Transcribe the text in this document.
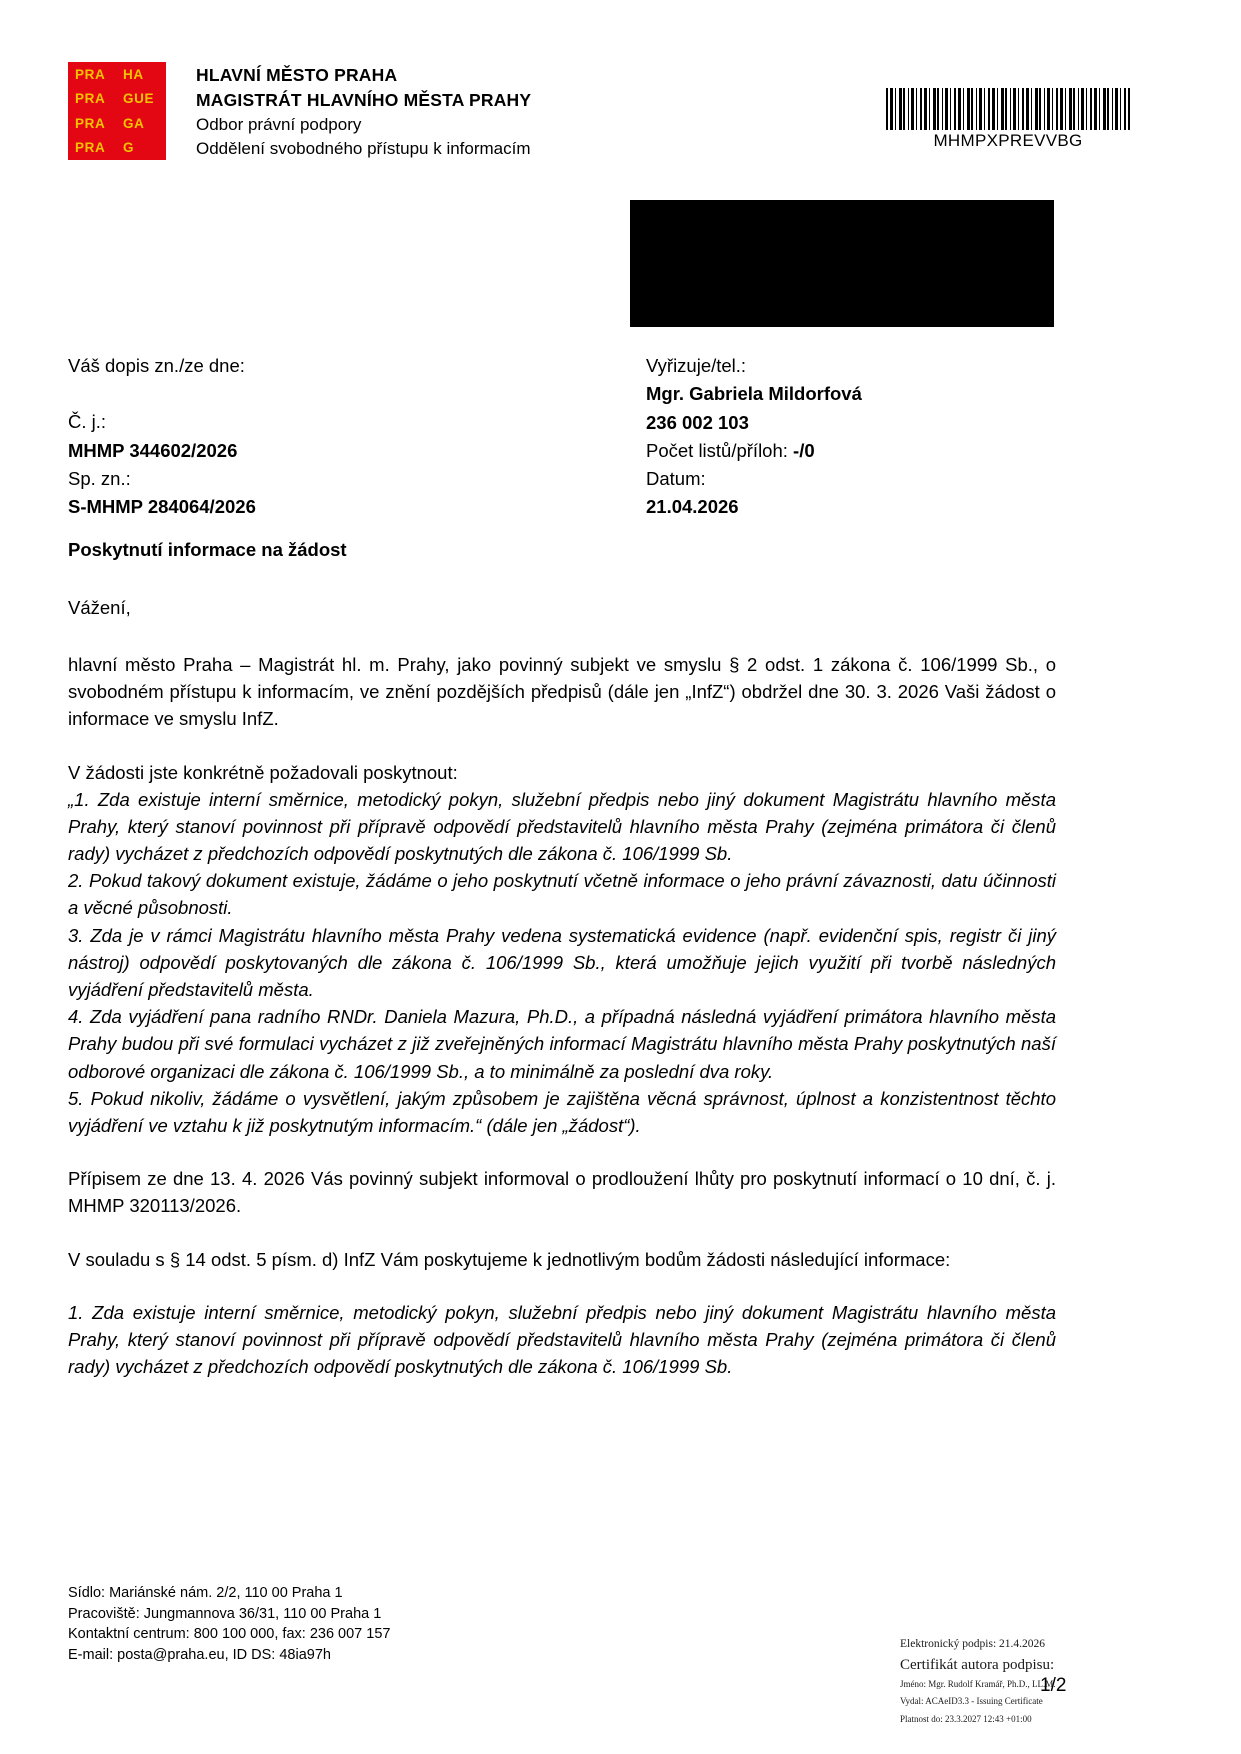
PRA	HA
PRA	GUE
PRA	GA
PRA	G
HLAVNÍ MĚSTO PRAHA
MAGISTRÁT HLAVNÍHO MĚSTA PRAHY
Odbor právní podpory
Oddělení svobodného přístupu k informacím	MHMPXPREVVBG
Váš dopis zn./ze dne:
Č. j.:
MHMP 344602/2026
Sp. zn.:
S-MHMP 284064/2026
Vyřizuje/tel.:
Mgr. Gabriela Mildorfová
236 002 103
Počet listů/příloh: -/0
Datum:
21.04.2026
Poskytnutí informace na žádost

Vážení,

hlavní město Praha – Magistrát hl. m. Prahy, jako povinný subjekt ve smyslu § 2 odst. 1 zákona č. 106/1999 Sb., o svobodném přístupu k informacím, ve znění pozdějších předpisů (dále jen „InfZ“) obdržel dne 30. 3. 2026 Vaši žádost o informace ve smyslu InfZ.

V žádosti jste konkrétně požadovali poskytnout:

„1. Zda existuje interní směrnice, metodický pokyn, služební předpis nebo jiný dokument Magistrátu hlavního města Prahy, který stanoví povinnost při přípravě odpovědí představitelů hlavního města Prahy (zejména primátora či členů rady) vycházet z předchozích odpovědí poskytnutých dle zákona č. 106/1999 Sb.

2. Pokud takový dokument existuje, žádáme o jeho poskytnutí včetně informace o jeho právní závaznosti, datu účinnosti a věcné působnosti.

3. Zda je v rámci Magistrátu hlavního města Prahy vedena systematická evidence (např. evidenční spis, registr či jiný nástroj) odpovědí poskytovaných dle zákona č. 106/1999 Sb., která umožňuje jejich využití při tvorbě následných vyjádření představitelů města.

4. Zda vyjádření pana radního RNDr. Daniela Mazura, Ph.D., a případná následná vyjádření primátora hlavního města Prahy budou při své formulaci vycházet z již zveřejněných informací Magistrátu hlavního města Prahy poskytnutých naší odborové organizaci dle zákona č. 106/1999 Sb., a to minimálně za poslední dva roky.

5. Pokud nikoliv, žádáme o vysvětlení, jakým způsobem je zajištěna věcná správnost, úplnost a konzistentnost těchto vyjádření ve vztahu k již poskytnutým informacím.“ (dále jen „žádost“).

Přípisem ze dne 13. 4. 2026 Vás povinný subjekt informoval o prodloužení lhůty pro poskytnutí informací o 10 dní, č. j. MHMP 320113/2026.

V souladu s § 14 odst. 5 písm. d) InfZ Vám poskytujeme k jednotlivým bodům žádosti následující informace:

1. Zda existuje interní směrnice, metodický pokyn, služební předpis nebo jiný dokument Magistrátu hlavního města Prahy, který stanoví povinnost při přípravě odpovědí představitelů hlavního města Prahy (zejména primátora či členů rady) vycházet z předchozích odpovědí poskytnutých dle zákona č. 106/1999 Sb.

Sídlo: Mariánské nám. 2/2, 110 00 Praha 1
Pracoviště: Jungmannova 36/31, 110 00 Praha 1
Kontaktní centrum: 800 100 000, fax: 236 007 157
E-mail: posta@praha.eu, ID DS: 48ia97h
1/2
Elektronický podpis: 21.4.2026
Certifikát autora podpisu:
Jméno: Mgr. Rudolf Kramář, Ph.D., LL.M.
Vydal: ACAeID3.3 - Issuing Certificate
Platnost do: 23.3.2027 12:43 +01:00
